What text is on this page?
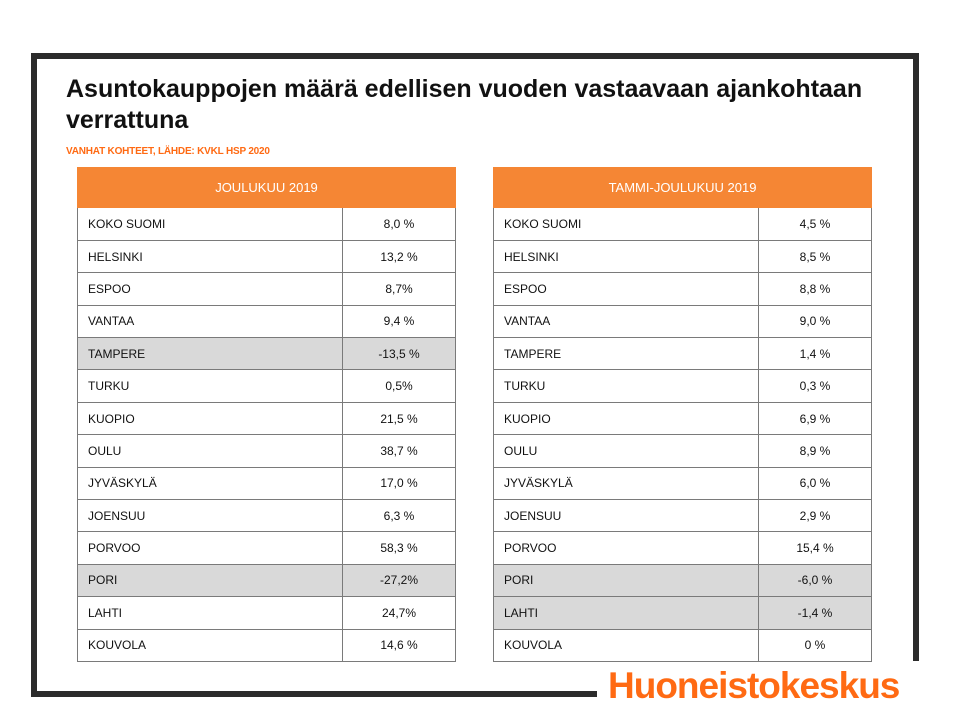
Asuntokauppojen määrä edellisen vuoden vastaavaan ajankohtaan verrattuna
VANHAT KOHTEET, LÄHDE: KVKL HSP 2020
JOULUKUU 2019
KOKO SUOMI	8,0 %
HELSINKI	13,2 %
ESPOO	8,7%
VANTAA	9,4 %
TAMPERE	-13,5 %
TURKU	0,5%
KUOPIO	21,5 %
OULU	38,7 %
JYVÄSKYLÄ	17,0 %
JOENSUU	6,3 %
PORVOO	58,3 %
PORI	-27,2%
LAHTI	24,7%
KOUVOLA	14,6 %
TAMMI-JOULUKUU 2019
KOKO SUOMI	4,5 %
HELSINKI	8,5 %
ESPOO	8,8 %
VANTAA	9,0 %
TAMPERE	1,4 %
TURKU	0,3 %
KUOPIO	6,9 %
OULU	8,9 %
JYVÄSKYLÄ	6,0 %
JOENSUU	2,9 %
PORVOO	15,4 %
PORI	-6,0 %
LAHTI	-1,4 %
KOUVOLA	0 %
Huoneistokeskus
